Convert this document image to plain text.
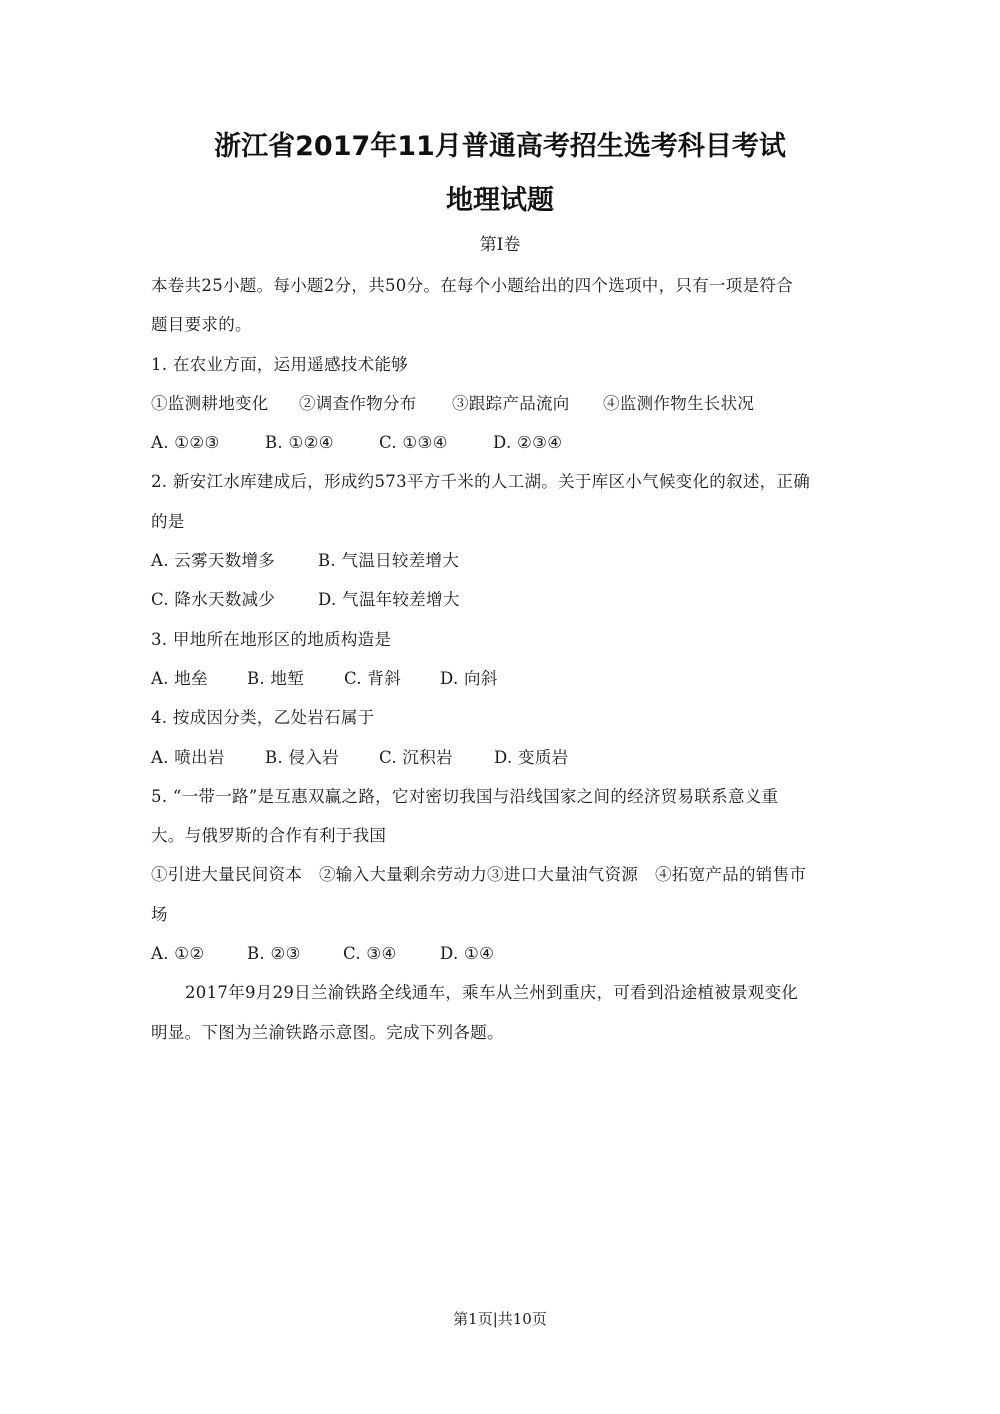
浙江省2017年11月普通高考招生选考科目考试
地理试题
第Ⅰ卷
本卷共25小题。每小题2分，共50分。在每个小题给出的四个选项中，只有一项是符合
题目要求的。
1. 在农业方面，运用遥感技术能够
①监测耕地变化 ②调查作物分布 ③跟踪产品流向 ④监测作物生长状况
A. ①②③	B. ①②④	C. ①③④	D. ②③④
2. 新安江水库建成后，形成约573平方千米的人工湖。关于库区小气候变化的叙述，正确
的是
A. 云雾天数增多	B. 气温日较差增大
C. 降水天数减少	D. 气温年较差增大
3. 甲地所在地形区的地质构造是
A. 地垒 B. 地堑 C. 背斜 D. 向斜
4. 按成因分类，乙处岩石属于
A. 喷出岩 B. 侵入岩 C. 沉积岩 D. 变质岩
5. “一带一路”是互惠双赢之路，它对密切我国与沿线国家之间的经济贸易联系意义重
大。与俄罗斯的合作有利于我国
①引进大量民间资本　②输入大量剩余劳动力③进口大量油气资源　④拓宽产品的销售市
场
A. ①②	B. ②③	C. ③④	D. ①④
2017年9月29日兰渝铁路全线通车，乘车从兰州到重庆，可看到沿途植被景观变化
明显。下图为兰渝铁路示意图。完成下列各题。
第1页|共10页
